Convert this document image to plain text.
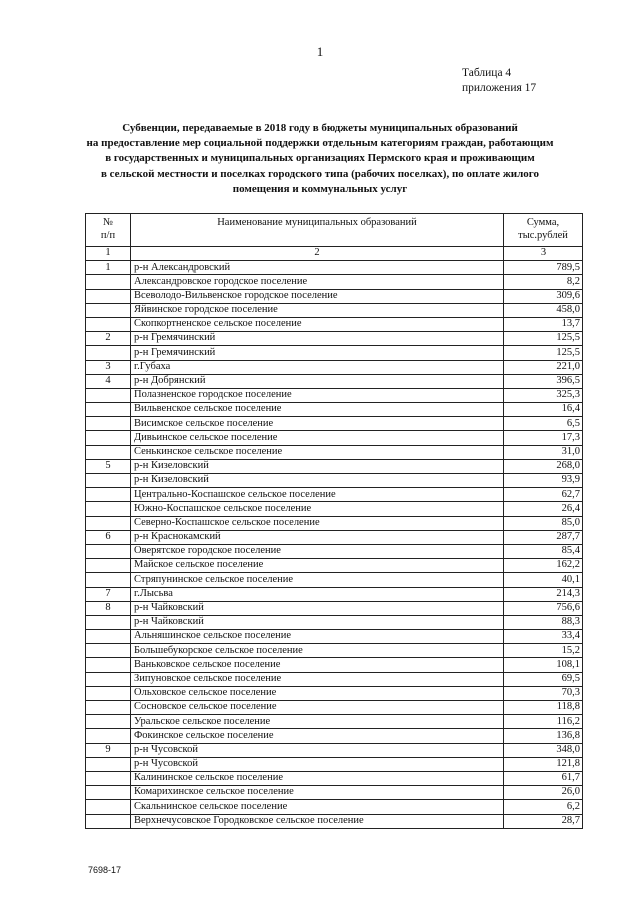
1
Таблица 4
приложения 17
Субвенции, передаваемые в 2018 году в бюджеты муниципальных образований
на предоставление мер социальной поддержки отдельным категориям граждан, работающим
в государственных и муниципальных организациях Пермского края и проживающим
в сельской местности и поселках городского типа (рабочих поселках), по оплате жилого
помещения и коммунальных услуг
№
п/п	Наименование муниципальных образований	Сумма,
тыс.рублей
1	2	3
1	р-н Александровский	789,5
	Александровское городское поселение	8,2
	Всеволодо-Вильвенское городское поселение	309,6
	Яйвинское городское поселение	458,0
	Скопкортненское сельское поселение	13,7
2	р-н Гремячинский	125,5
	р-н Гремячинский	125,5
3	г.Губаха	221,0
4	р-н Добрянский	396,5
	Полазненское городское поселение	325,3
	Вильвенское сельское поселение	16,4
	Висимское сельское поселение	6,5
	Дивьинское сельское поселение	17,3
	Сенькинское сельское поселение	31,0
5	р-н Кизеловский	268,0
	р-н Кизеловский	93,9
	Центрально-Коспашское сельское поселение	62,7
	Южно-Коспашское сельское поселение	26,4
	Северно-Коспашское сельское поселение	85,0
6	р-н Краснокамский	287,7
	Оверятское городское поселение	85,4
	Майское сельское поселение	162,2
	Стряпунинское сельское поселение	40,1
7	г.Лысьва	214,3
8	р-н Чайковский	756,6
	р-н Чайковский	88,3
	Альняшинское сельское поселение	33,4
	Большебукорское сельское поселение	15,2
	Ваньковское сельское поселение	108,1
	Зипуновское сельское поселение	69,5
	Ольховское сельское поселение	70,3
	Сосновское сельское поселение	118,8
	Уральское сельское поселение	116,2
	Фокинское сельское поселение	136,8
9	р-н Чусовской	348,0
	р-н Чусовской	121,8
	Калининское сельское поселение	61,7
	Комарихинское сельское поселение	26,0
	Скальнинское сельское поселение	6,2
	Верхнечусовское Городковское сельское поселение	28,7
7698-17
